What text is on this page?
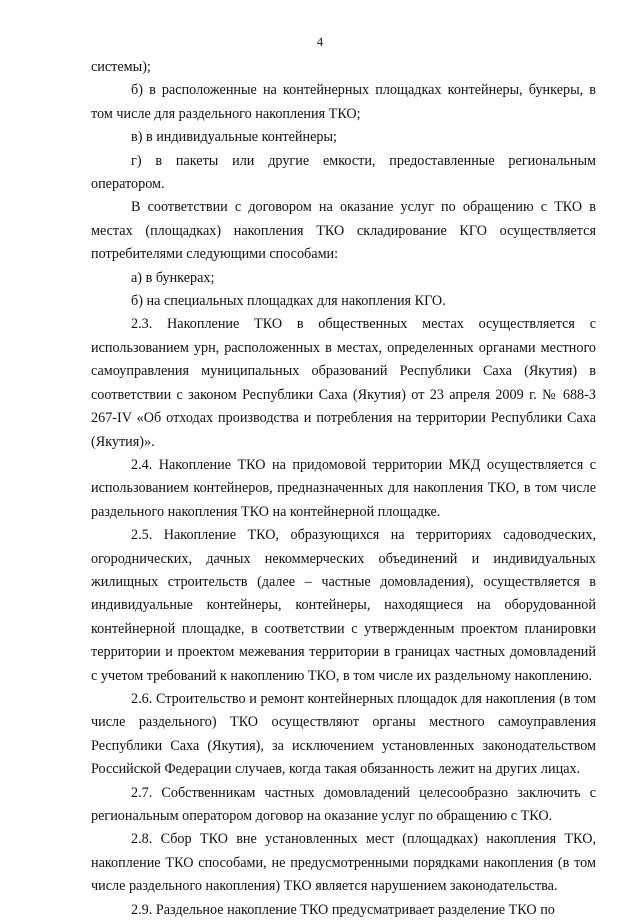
4

системы);

б) в расположенные на контейнерных площадках контейнеры, бункеры, в том числе для раздельного накопления ТКО;

в) в индивидуальные контейнеры;

г) в пакеты или другие емкости, предоставленные региональным оператором.

В соответствии с договором на оказание услуг по обращению с ТКО в местах (площадках) накопления ТКО складирование КГО осуществляется потребителями следующими способами:

а) в бункерах;

б) на специальных площадках для накопления КГО.

2.3. Накопление ТКО в общественных местах осуществляется с использованием урн, расположенных в местах, определенных органами местного самоуправления муниципальных образований Республики Саха (Якутия) в соответствии с законом Республики Саха (Якутия) от 23 апреля 2009 г. № 688-З 267-IV «Об отходах производства и потребления на территории Республики Саха (Якутия)».

2.4. Накопление ТКО на придомовой территории МКД осуществляется с использованием контейнеров, предназначенных для накопления ТКО, в том числе раздельного накопления ТКО на контейнерной площадке.

2.5. Накопление ТКО, образующихся на территориях садоводческих, огороднических, дачных некоммерческих объединений и индивидуальных жилищных строительств (далее – частные домовладения), осуществляется в индивидуальные контейнеры, контейнеры, находящиеся на оборудованной контейнерной площадке, в соответствии с утвержденным проектом планировки территории и проектом межевания территории в границах частных домовладений с учетом требований к накоплению ТКО, в том числе их раздельному накоплению.

2.6. Строительство и ремонт контейнерных площадок для накопления (в том числе раздельного) ТКО осуществляют органы местного самоуправления Республики Саха (Якутия), за исключением установленных законодательством Российской Федерации случаев, когда такая обязанность лежит на других лицах.

2.7. Собственникам частных домовладений целесообразно заключить с региональным оператором договор на оказание услуг по обращению с ТКО.

2.8. Сбор ТКО вне установленных мест (площадках) накопления ТКО, накопление ТКО способами, не предусмотренными порядками накопления (в том числе раздельного накопления) ТКО является нарушением законодательства.

2.9. Раздельное накопление ТКО предусматривает разделение ТКО по
